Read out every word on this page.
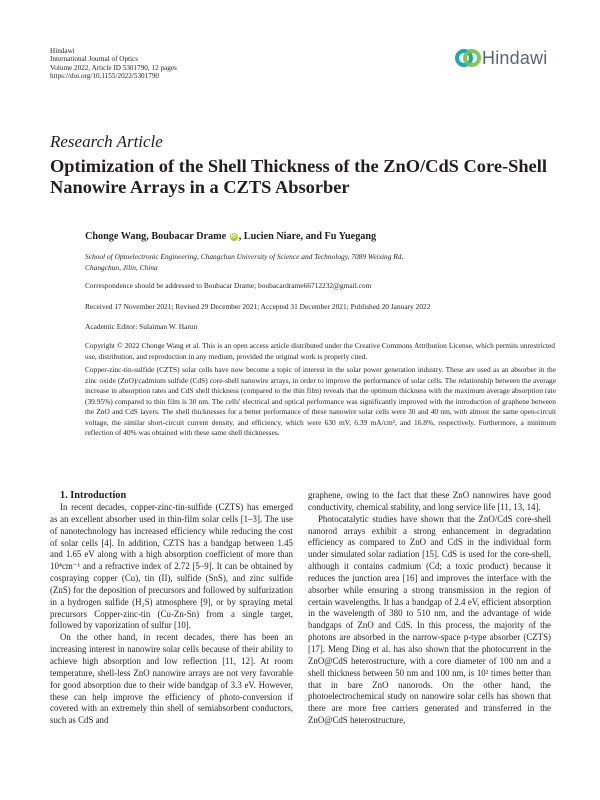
Hindawi
International Journal of Optics
Volume 2022, Article ID 5301790, 12 pages
https://doi.org/10.1155/2022/5301790
Hindawi
Research Article
Optimization of the Shell Thickness of the ZnO/CdS Core-Shell Nanowire Arrays in a CZTS Absorber
Chonge Wang, Boubacar Drame iD , Lucien Niare, and Fu Yuegang
School of Optoelectronic Engineering, Changchun University of Science and Technology, 7089 Weixing Rd,
Changchun, Jilin, China
Correspondence should be addressed to Boubacar Drame; boubacardrame66712232@gmail.com
Received 17 November 2021; Revised 29 December 2021; Accepted 31 December 2021; Published 20 January 2022
Academic Editor: Sulaiman W. Harun
Copyright © 2022 Chonge Wang et al. This is an open access article distributed under the Creative Commons Attribution License, which permits unrestricted use, distribution, and reproduction in any medium, provided the original work is properly cited.
Copper-zinc-tin-sulfide (CZTS) solar cells have now become a topic of interest in the solar power generation industry. These are used as an absorber in the zinc oxide (ZnO)/cadmium sulfide (CdS) core-shell nanowire arrays, in order to improve the performance of solar cells. The relationship between the average increase in absorption rates and CdS shell thickness (compared to the thin film) reveals that the optimum thickness with the maximum average absorption rate (39.95%) compared to thin film is 30 nm. The cells' electrical and optical performance was significantly improved with the introduction of graphene between the ZnO and CdS layers. The shell thicknesses for a better performance of these nanowire solar cells were 30 and 40 nm, with almost the same open-circuit voltage, the similar short-circuit current density, and efficiency, which were 630 mV, 6.39 mA/cm², and 16.8%, respectively. Furthermore, a minimum reflection of 40% was obtained with these same shell thicknesses.

1. Introduction

In recent decades, copper-zinc-tin-sulfide (CZTS) has emerged as an excellent absorber used in thin-film solar cells [1–3]. The use of nanotechnology has increased efficiency while reducing the cost of solar cells [4]. In addition, CZTS has a bandgap between 1.45 and 1.65 eV along with a high absorption coefficient of more than 10⁴cm⁻¹ and a refractive index of 2.72 [5–9]. It can be obtained by cospraying copper (Cu), tin (II), sulfide (SnS), and zinc sulfide (ZnS) for the deposition of precursors and followed by sulfurization in a hydrogen sulfide (H₂S) atmosphere [9], or by spraying metal precursors Copper-zinc-tin (Cu-Zn-Sn) from a single target, followed by vaporization of sulfur [10].

On the other hand, in recent decades, there has been an increasing interest in nanowire solar cells because of their ability to achieve high absorption and low reflection [11, 12]. At room temperature, shell-less ZnO nanowire arrays are not very favorable for good absorption due to their wide bandgap of 3.3 eV. However, these can help improve the efficiency of photo-conversion if covered with an extremely thin shell of semiabsorbent conductors, such as CdS and

graphene, owing to the fact that these ZnO nanowires have good conductivity, chemical stability, and long service life [11, 13, 14].

Photocatalytic studies have shown that the ZnO/CdS core-shell nanorod arrays exhibit a strong enhancement in degradation efficiency as compared to ZnO and CdS in the individual form under simulated solar radiation [15]. CdS is used for the core-shell, although it contains cadmium (Cd; a toxic product) because it reduces the junction area [16] and improves the interface with the absorber while ensuring a strong transmission in the region of certain wavelengths. It has a bandgap of 2.4 eV, efficient absorption in the wavelength of 380 to 510 nm, and the advantage of wide bandgaps of ZnO and CdS. In this process, the majority of the photons are absorbed in the narrow-space p-type absorber (CZTS) [17]. Meng Ding et al. has also shown that the photocurrent in the ZnO@CdS heterostructure, with a core diameter of 100 nm and a shell thickness between 50 nm and 100 nm, is 10² times better than that in bare ZnO nanorods. On the other hand, the photoelectrochemical study on nanowire solar cells has shown that there are more free carriers generated and transferred in the ZnO@CdS heterostructure,
